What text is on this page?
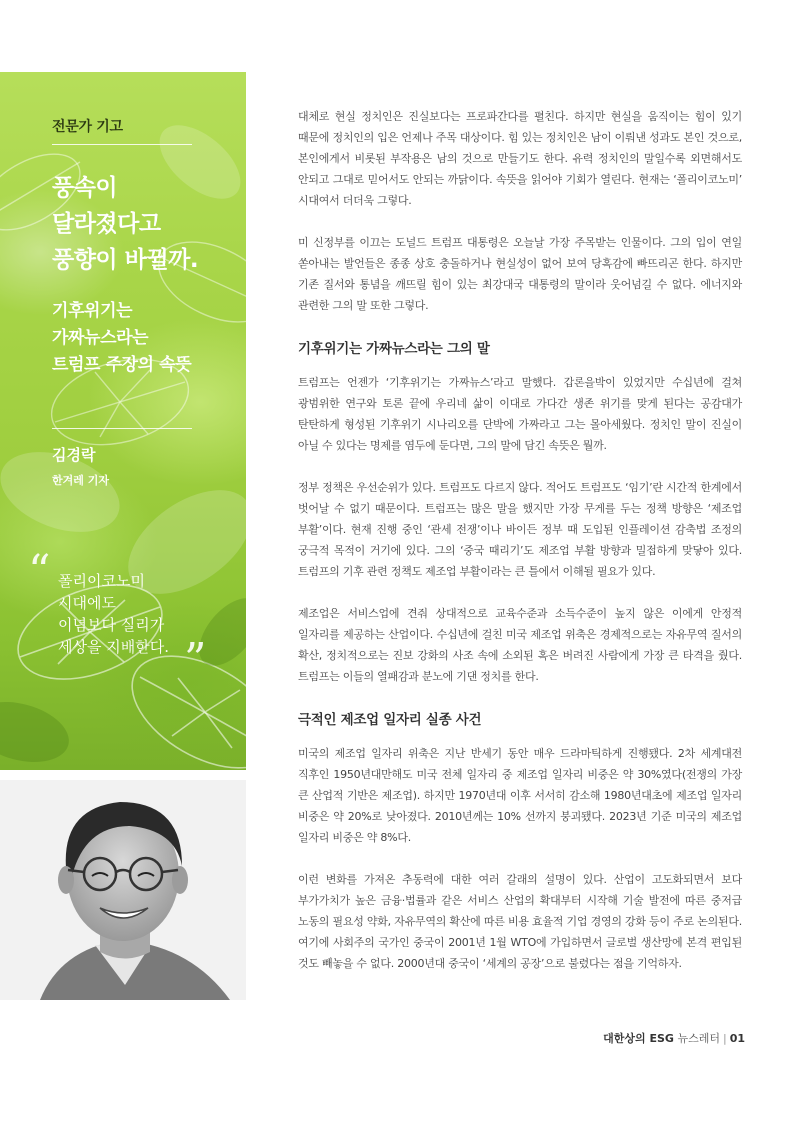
전문가 기고
풍속이
달라졌다고
풍향이 바뀔까.
기후위기는
가짜뉴스라는
트럼프 주장의 속뜻
김경락
한겨레 기자
“ 폴리이코노미
시대에도
이념보다 실리가
세상을 지배한다. ”

대체로 현실 정치인은 진실보다는 프로파간다를 펼친다. 하지만 현실을 움직이는 힘이 있기 때문에 정치인의 입은 언제나 주목 대상이다. 힘 있는 정치인은 남이 이뤄낸 성과도 본인 것으로, 본인에게서 비롯된 부작용은 남의 것으로 만들기도 한다. 유력 정치인의 말일수록 외면해서도 안되고 그대로 믿어서도 안되는 까닭이다. 속뜻을 읽어야 기회가 열린다. 현재는 ‘폴리이코노미’ 시대여서 더더욱 그렇다.

미 신정부를 이끄는 도널드 트럼프 대통령은 오늘날 가장 주목받는 인물이다. 그의 입이 연일 쏟아내는 발언들은 종종 상호 충돌하거나 현실성이 없어 보여 당혹감에 빠뜨리곤 한다. 하지만 기존 질서와 통념을 깨뜨릴 힘이 있는 최강대국 대통령의 말이라 웃어넘길 수 없다. 에너지와 관련한 그의 말 또한 그렇다.

기후위기는 가짜뉴스라는 그의 말

트럼프는 언젠가 ‘기후위기는 가짜뉴스’라고 말했다. 갑론을박이 있었지만 수십년에 걸쳐 광범위한 연구와 토론 끝에 우리네 삶이 이대로 가다간 생존 위기를 맞게 된다는 공감대가 탄탄하게 형성된 기후위기 시나리오를 단박에 가짜라고 그는 몰아세웠다. 정치인 말이 진실이 아닐 수 있다는 명제를 염두에 둔다면, 그의 말에 담긴 속뜻은 뭘까.

정부 정책은 우선순위가 있다. 트럼프도 다르지 않다. 적어도 트럼프도 ‘임기’란 시간적 한계에서 벗어날 수 없기 때문이다. 트럼프는 많은 말을 했지만 가장 무게를 두는 정책 방향은 ‘제조업 부활’이다. 현재 진행 중인 ‘관세 전쟁’이나 바이든 정부 때 도입된 인플레이션 감축법 조정의 궁극적 목적이 거기에 있다. 그의 ‘중국 때리기’도 제조업 부활 방향과 밀접하게 맞닿아 있다. 트럼프의 기후 관련 정책도 제조업 부활이라는 큰 틀에서 이해될 필요가 있다.

제조업은 서비스업에 견줘 상대적으로 교육수준과 소득수준이 높지 않은 이에게 안정적 일자리를 제공하는 산업이다. 수십년에 걸친 미국 제조업 위축은 경제적으로는 자유무역 질서의 확산, 정치적으로는 진보 강화의 사조 속에 소외된 혹은 버려진 사람에게 가장 큰 타격을 줬다. 트럼프는 이들의 열패감과 분노에 기댄 정치를 한다.

극적인 제조업 일자리 실종 사건

미국의 제조업 일자리 위축은 지난 반세기 동안 매우 드라마틱하게 진행됐다. 2차 세계대전 직후인 1950년대만해도 미국 전체 일자리 중 제조업 일자리 비중은 약 30%였다(전쟁의 가장 큰 산업적 기반은 제조업). 하지만 1970년대 이후 서서히 감소해 1980년대초에 제조업 일자리 비중은 약 20%로 낮아졌다. 2010년께는 10% 선까지 붕괴됐다. 2023년 기준 미국의 제조업 일자리 비중은 약 8%다.

이런 변화를 가져온 추동력에 대한 여러 갈래의 설명이 있다. 산업이 고도화되면서 보다 부가가치가 높은 금융·법률과 같은 서비스 산업의 확대부터 시작해 기술 발전에 따른 중저급 노동의 필요성 약화, 자유무역의 확산에 따른 비용 효율적 기업 경영의 강화 등이 주로 논의된다. 여기에 사회주의 국가인 중국이 2001년 1월 WTO에 가입하면서 글로벌 생산망에 본격 편입된 것도 빼놓을 수 없다. 2000년대 중국이 ‘세계의 공장’으로 불렸다는 점을 기억하자.

대한상의 ESG 뉴스레터 | 01
